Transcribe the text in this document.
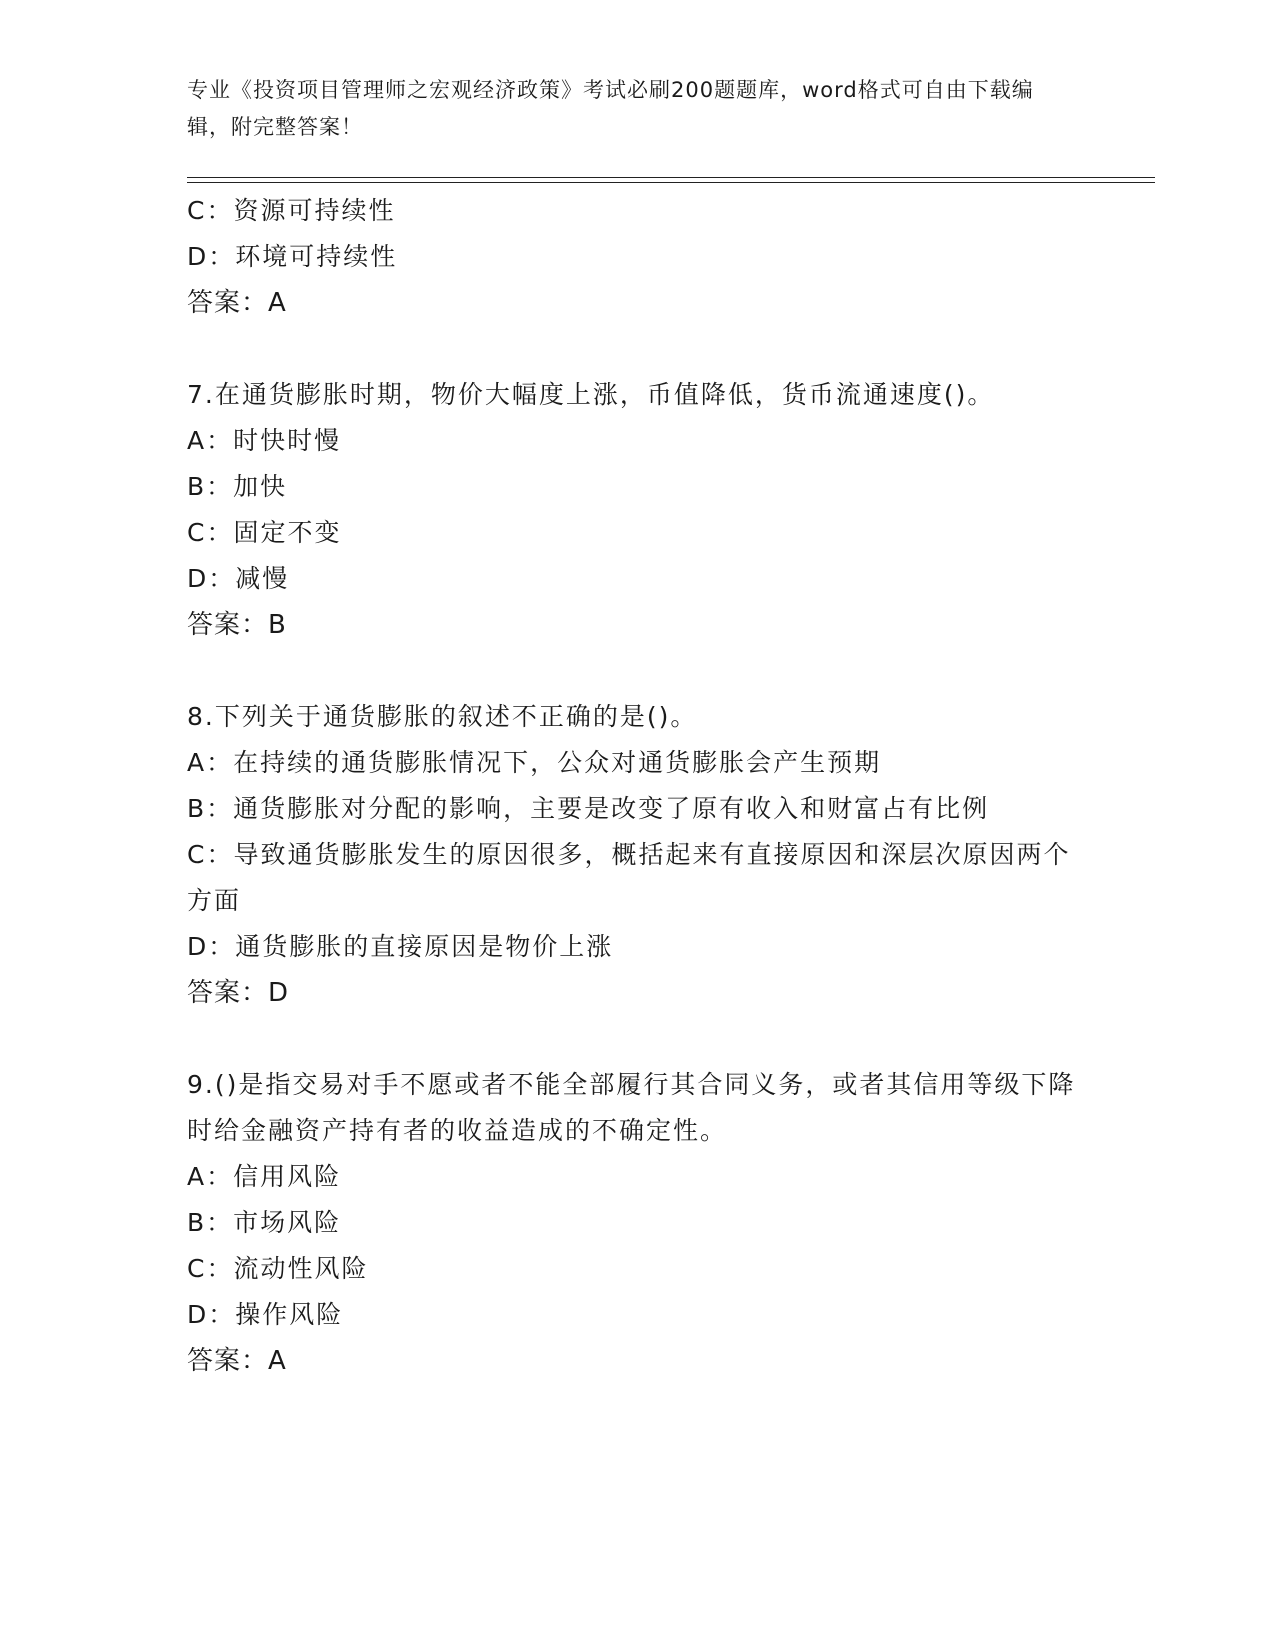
专业《投资项目管理师之宏观经济政策》考试必刷200题题库，word格式可自由下载编辑，附完整答案！
C：资源可持续性
D：环境可持续性
答案：A
7.在通货膨胀时期，物价大幅度上涨，币值降低，货币流通速度()。
A：时快时慢
B：加快
C：固定不变
D：减慢
答案：B
8.下列关于通货膨胀的叙述不正确的是()。
A：在持续的通货膨胀情况下，公众对通货膨胀会产生预期
B：通货膨胀对分配的影响，主要是改变了原有收入和财富占有比例
C：导致通货膨胀发生的原因很多，概括起来有直接原因和深层次原因两个方面
D：通货膨胀的直接原因是物价上涨
答案：D
9.()是指交易对手不愿或者不能全部履行其合同义务，或者其信用等级下降时给金融资产持有者的收益造成的不确定性。
A：信用风险
B：市场风险
C：流动性风险
D：操作风险
答案：A
